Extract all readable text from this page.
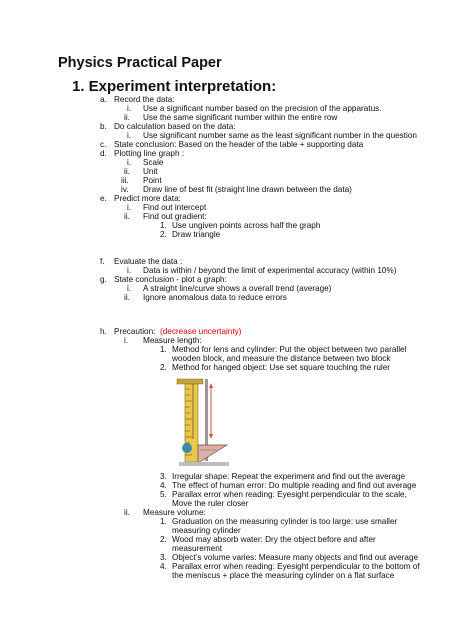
Physics Practical Paper
1. Experiment interpretation:
a. Record the data:
i. Use a significant number based on the precision of the apparatus.
ii. Use the same significant number within the entire row
b. Do calculation based on the data:
i. Use significant number same as the least significant number in the question
c. State conclusion: Based on the header of the table + supporting data
d. Plotting line graph :
i. Scale
ii. Unit
iii. Point
iv. Draw line of best fit (straight line drawn between the data)
e. Predict more data:
i. Find out intercept
ii. Find out gradient:
1. Use ungiven points across half the graph
2. Draw triangle
f. Evaluate the data :
i. Data is within / beyond the limit of experimental accuracy (within 10%)
g. State conclusion - plot a graph:
i. A straight line/curve shows a overall trend (average)
ii. Ignore anomalous data to reduce errors
h. Precaution: (decrease uncertainty)
i. Measure length:
1. Method for lens and cylinder: Put the object between two parallel
wooden block, and measure the distance between two block
2. Method for hanged object: Use set square touching the ruler
3. Irregular shape: Repeat the experiment and find out the average
4. The effect of human error: Do multiple reading and find out average
5. Parallax error when reading: Eyesight perpendicular to the scale,
Move the ruler closer
ii. Measure volume:
1. Graduation on the measuring cylinder is too large: use smaller
measuring cylinder
2. Wood may absorb water: Dry the object before and after
measurement
3. Object’s volume varies: Measure many objects and find out average
4. Parallax error when reading: Eyesight perpendicular to the bottom of
the meniscus + place the measuring cylinder on a flat surface
